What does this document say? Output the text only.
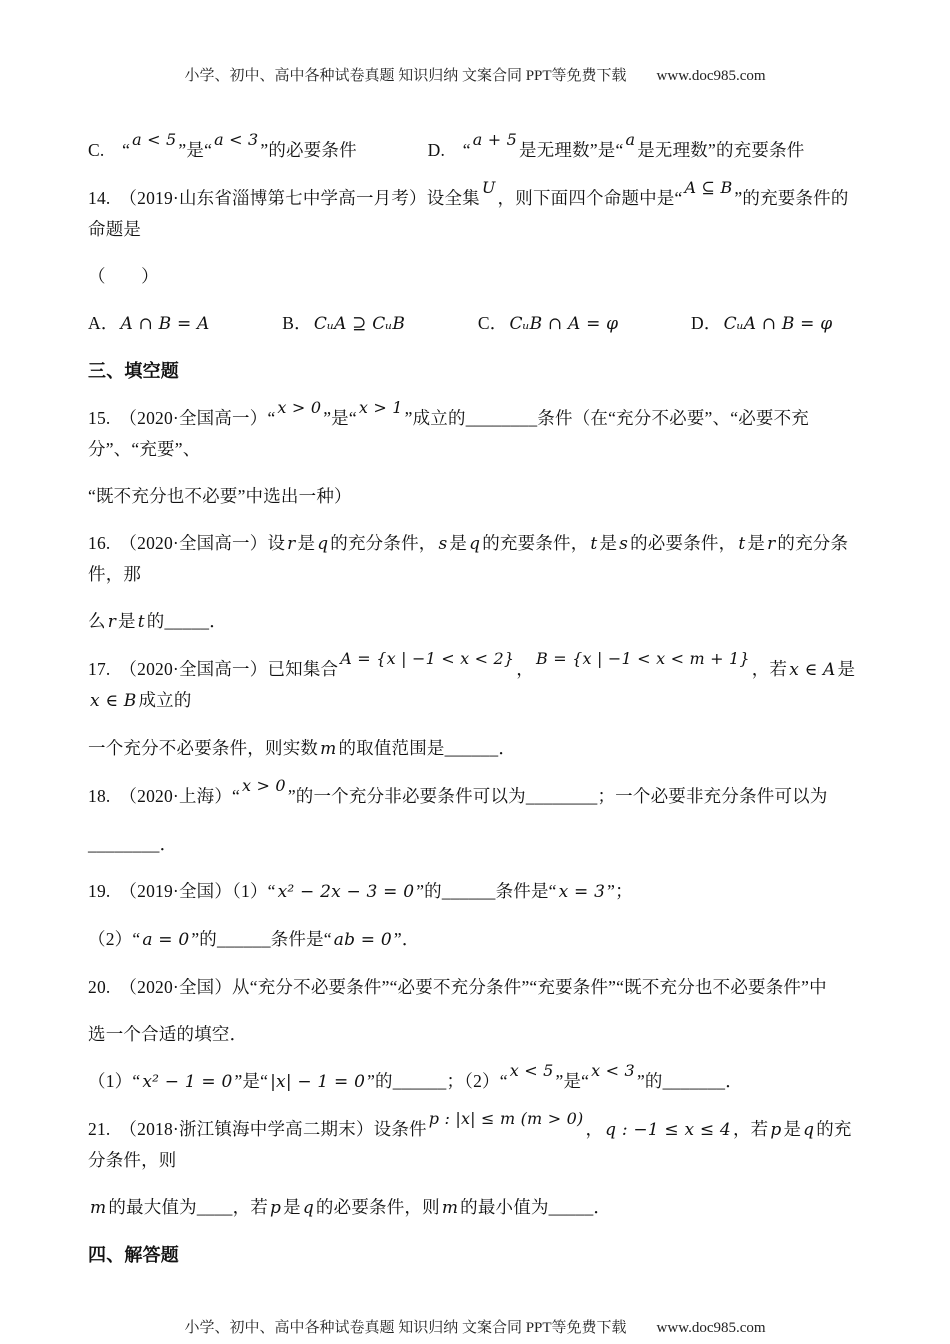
小学、初中、高中各种试卷真题 知识归纳 文案合同 PPT等免费下载 www.doc985.com
C.　“a < 5”是“a < 3”的必要条件　　　　D.　“a + 5是无理数”是“a是无理数”的充要条件
14.　（2019·山东省淄博第七中学高一月考）设全集U，则下面四个命题中是“A ⊆ B”的充要条件的命题是
（　　）
A． A ∩ B = A　　　　B． CᵤA ⊇ CᵤB　　　　C． CᵤB ∩ A = φ　　　　D． CᵤA ∩ B = φ
三、填空题
15.　（2020·全国高一）“x > 0”是“x > 1”成立的________条件（在“充分不必要”、“必要不充分”、“充要”、
“既不充分也不必要”中选出一种）
16.　（2020·全国高一）设 r 是 q 的充分条件， s 是 q 的充要条件， t 是 s 的必要条件， t 是 r 的充分条件，那
么 r 是 t 的_____．
17.　（2020·全国高一）已知集合A = {x | −1 < x < 2}，B = {x | −1 < x < m + 1}，若 x ∈ A 是x ∈ B 成立的
一个充分不必要条件，则实数 m 的取值范围是______．
18.　（2020·上海）“x > 0”的一个充分非必要条件可以为________；一个必要非充分条件可以为
________．
19.　（2019·全国）（1）“ x² − 2x − 3 = 0 ”的______条件是“ x = 3 ”；
（2）“ a = 0 ”的______条件是“ ab = 0 ”．
20.　（2020·全国）从“充分不必要条件”“必要不充分条件”“充要条件”“既不充分也不必要条件”中
选一个合适的填空．
（1）“ x² − 1 = 0 ”是“ |x| − 1 = 0 ”的______；（2）“x < 5”是“x < 3”的_______．
21.　（2018·浙江镇海中学高二期末）设条件p : |x| ≤ m (m > 0)， q : −1 ≤ x ≤ 4 ，若 p 是 q 的充分条件，则
m 的最大值为____，若 p 是 q 的必要条件，则 m 的最小值为_____．
四、解答题
小学、初中、高中各种试卷真题 知识归纳 文案合同 PPT等免费下载 www.doc985.com
